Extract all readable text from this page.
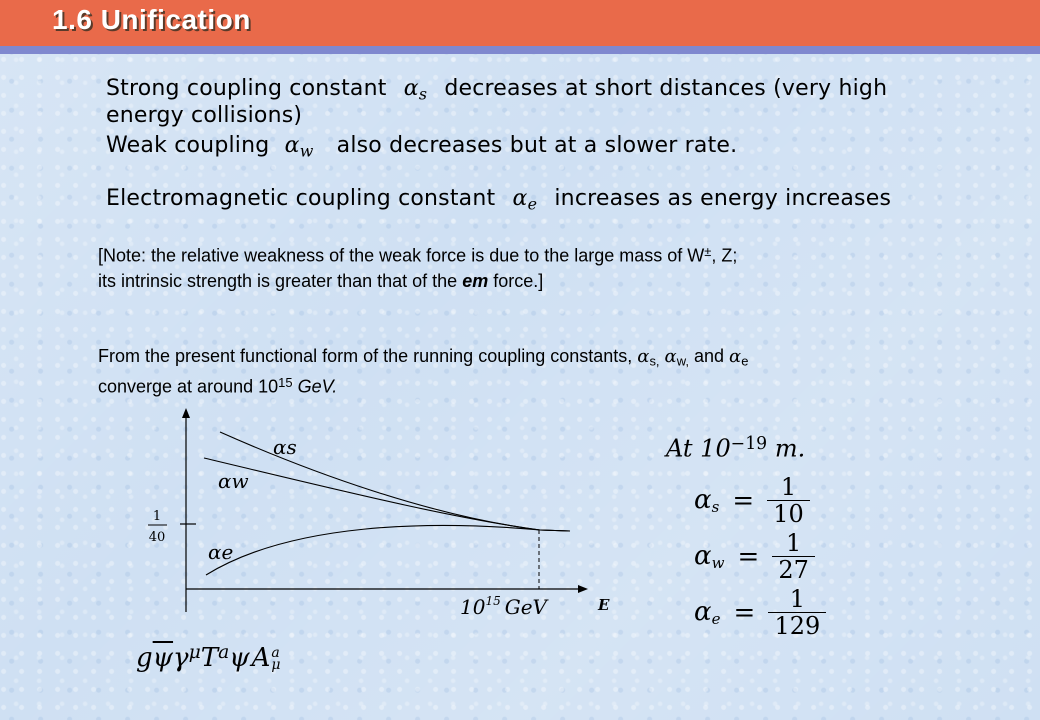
1.6 Unification
Strong coupling constant $\alpha_s$ decreases at short distances (very high
energy collisions)
Weak coupling $\alpha_w$ also decreases but at a slower rate.
Electromagnetic coupling constant $\alpha_e$ increases as energy increases
[Note: the relative weakness of the weak force is due to the large mass of W±, Z;
its intrinsic strength is greater than that of the em force.]
From the present functional form of the running coupling constants, $\alpha_{s,}$ $\alpha_{w,}$ and $\alpha_e$
converge at around $10^{15}$ GeV.
αs
αw
αe
1
40
$10^{15}$ GeV	E
At $10^{-19}$ m.
$\alpha s = \frac{1}{10}$
$\alpha w = \frac{1}{27}$
$\alpha e = \frac{1}{129}$
$g\overline{\psi}\gamma^\mu T^a\psi A$ a
μ
